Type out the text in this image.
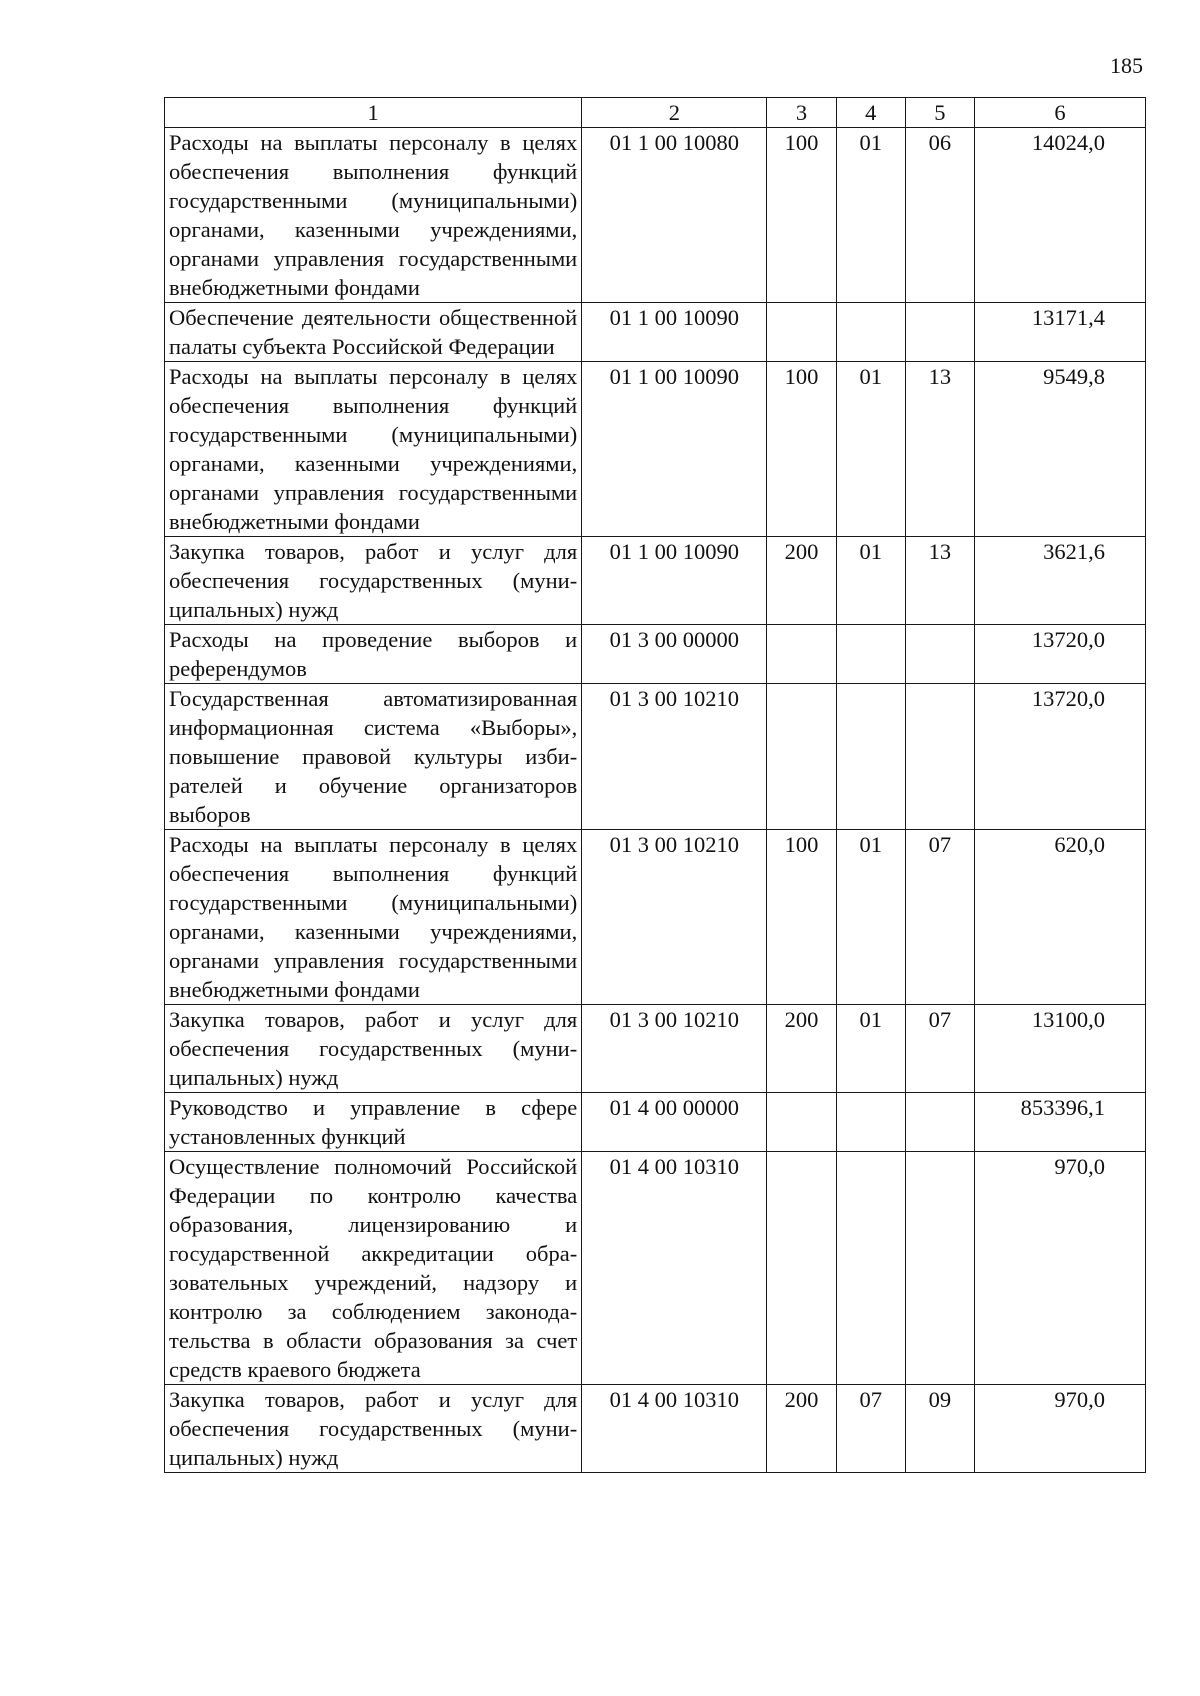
185
1	2	3	4	5	6
Расходы на выплаты персоналу в целях обеспечения выполнения функций государственными (муниципальными) органами, казенными учреждениями, органами управления государственными внебюджетными фондами	01 1 00 10080	100	01	06	14024,0
Обеспечение деятельности общественной палаты субъекта Российской Федерации	01 1 00 10090				13171,4
Расходы на выплаты персоналу в целях обеспечения выполнения функций государственными (муниципальными) органами, казенными учреждениями, органами управления государственными внебюджетными фондами	01 1 00 10090	100	01	13	9549,8
Закупка товаров, работ и услуг для обеспечения государственных (муниципальных) нужд	01 1 00 10090	200	01	13	3621,6
Расходы на проведение выборов и референдумов	01 3 00 00000				13720,0
Государственная автоматизированная информационная система «Выборы», повышение правовой культуры избирателей и обучение организаторов выборов	01 3 00 10210				13720,0
Расходы на выплаты персоналу в целях обеспечения выполнения функций государственными (муниципальными) органами, казенными учреждениями, органами управления государственными внебюджетными фондами	01 3 00 10210	100	01	07	620,0
Закупка товаров, работ и услуг для обеспечения государственных (муниципальных) нужд	01 3 00 10210	200	01	07	13100,0
Руководство и управление в сфере установленных функций	01 4 00 00000				853396,1
Осуществление полномочий Российской Федерации по контролю качества образования, лицензированию и государственной аккредитации образовательных учреждений, надзору и контролю за соблюдением законодательства в области образования за счет средств краевого бюджета	01 4 00 10310				970,0
Закупка товаров, работ и услуг для обеспечения государственных (муниципальных) нужд	01 4 00 10310	200	07	09	970,0
